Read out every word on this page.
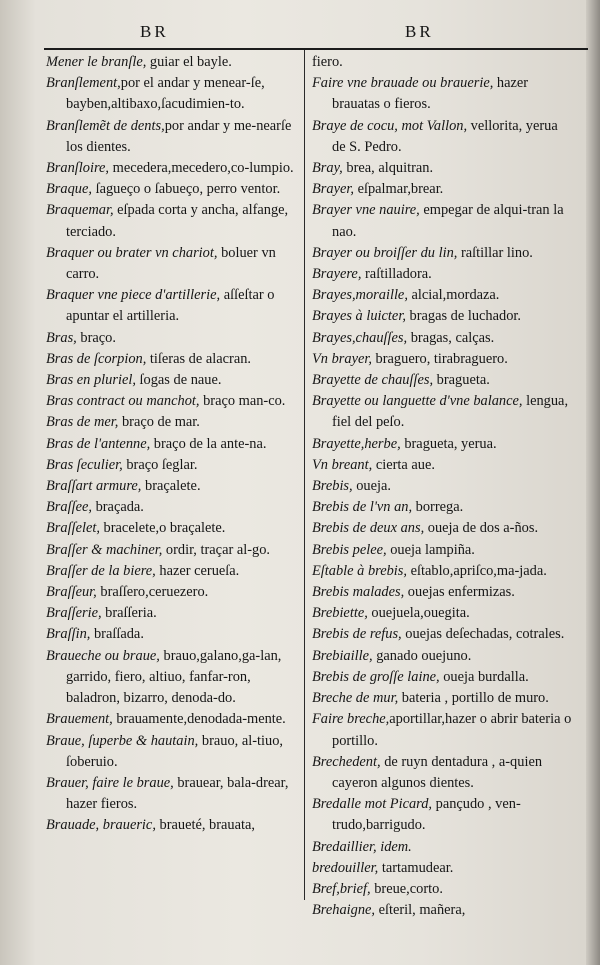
BR	BR

Mener le branſle, guiar el bayle.

Branſlement,por el andar y menear-ſe, bayben,altibaxo,ſacudimien-to.

Branſlemẽt de dents,por andar y me-nearſe los dientes.

Branſloire, mecedera,mecedero,co-lumpio.

Braque, ſagueço o ſabueço, perro ventor.

Braquemar, eſpada corta y ancha, alfange, terciado.

Braquer ou brater vn chariot, boluer vn carro.

Braquer vne piece d'artillerie, aſſeſtar o apuntar el artilleria.

Bras, braço.

Bras de ſcorpion, tiſeras de alacran.

Bras en pluriel, ſogas de naue.

Bras contract ou manchot, braço man-co.

Bras de mer, braço de mar.

Bras de l'antenne, braço de la ante-na.

Bras ſeculier, braço ſeglar.

Braſſart armure, braçalete.

Braſſee, braçada.

Braſſelet, bracelete,o braçalete.

Braſſer & machiner, ordir, traçar al-go.

Braſſer de la biere, hazer cerueſa.

Braſſeur, braſſero,ceruezero.

Braſſerie, braſſeria.

Braſſin, braſſada.

Braueche ou braue, brauo,galano,ga-lan, garrido, fiero, altiuo, fanfar-ron, baladron, bizarro, denoda-do.

Brauement, brauamente,denodada-mente.

Braue, ſuperbe & hautain, brauo, al-tiuo, ſoberuio.

Brauer, faire le braue, brauear, bala-drear, hazer fieros.

Brauade, braueric, braueté, brauata,

fiero.

Faire vne brauade ou brauerie, hazer brauatas o fieros.

Braye de cocu, mot Vallon, vellorita, yerua de S. Pedro.

Bray, brea, alquitran.

Brayer, eſpalmar,brear.

Brayer vne nauire, empegar de alqui-tran la nao.

Brayer ou broiſſer du lin, raſtillar lino.

Brayere, raſtilladora.

Brayes,moraille, alcial,mordaza.

Brayes à luicter, bragas de luchador.

Brayes,chauſſes, bragas, calças.

Vn brayer, braguero, tirabraguero.

Brayette de chauſſes, bragueta.

Brayette ou languette d'vne balance, lengua, fiel del peſo.

Brayette,herbe, bragueta, yerua.

Vn breant, cierta aue.

Brebis, oueja.

Brebis de l'vn an, borrega.

Brebis de deux ans, oueja de dos a-ños.

Brebis pelee, oueja lampiña.

Eſtable à brebis, eſtablo,apriſco,ma-jada.

Brebis malades, ouejas enfermizas.

Brebiette, ouejuela,ouegita.

Brebis de refus, ouejas deſechadas, cotrales.

Brebiaille, ganado ouejuno.

Brebis de groſſe laine, oueja burdalla.

Breche de mur, bateria , portillo de muro.

Faire breche,aportillar,hazer o abrir bateria o portillo.

Brechedent, de ruyn dentadura , a-quien cayeron algunos dientes.

Bredalle mot Picard, pançudo , ven-trudo,barrigudo.

Bredaillier, idem.

bredouiller, tartamudear.

Bref,brief, breue,corto.

Brehaigne, eſteril, mañera,
